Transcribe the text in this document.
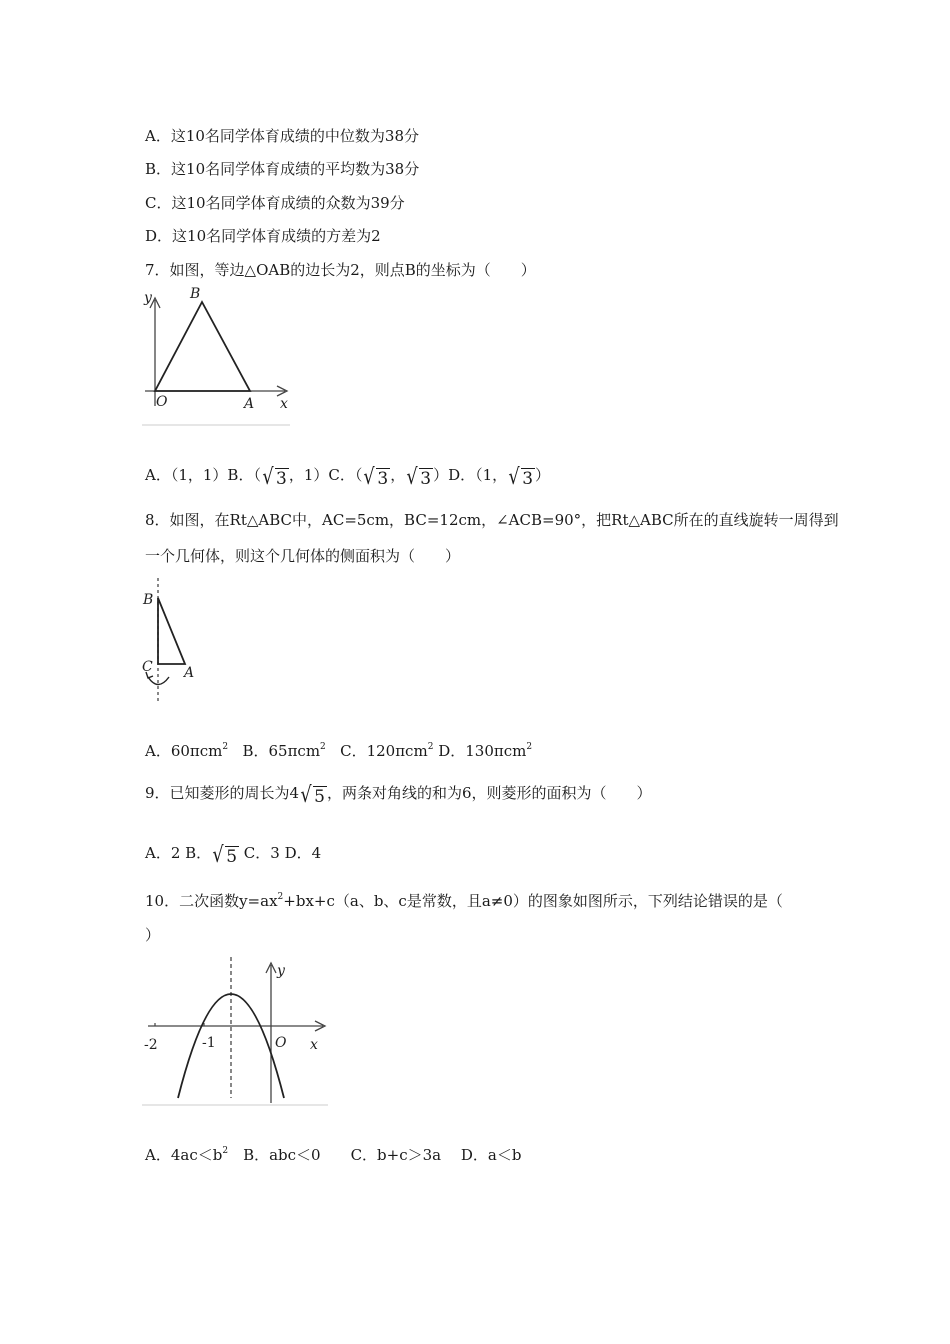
A．这10名同学体育成绩的中位数为38分
B．这10名同学体育成绩的平均数为38分
C．这10名同学体育成绩的众数为39分
D．这10名同学体育成绩的方差为2
7．如图，等边△OAB的边长为2，则点B的坐标为（　　）
y	B
O	A x
A．（1，1）B．（ √ 3 ，1）C．（ √ 3 ， √ 3 ）D．（1， √ 3 ）
8．如图，在Rt△ABC中，AC=5cm，BC=12cm，∠ACB=90°，把Rt△ABC所在的直线旋转一周得到
一个几何体，则这个几何体的侧面积为（　　）
B
C A
A．60πcm$^2$ B．65πcm$^2$ C．120πcm$^2$ D．130πcm$^2$
9．已知菱形的周长为4 √ 5 ，两条对角线的和为6，则菱形的面积为（　　）
A．2 B． √ 5 C．3 D．4
10．二次函数$y=ax^2+bx+c(a$、b、c是常数，且a≠0）的图象如图所示，下列结论错误的是（
）
y
-2	-1	O x
A．$4ac<b^2$　B．abc＜0　　C．b+c＞3a　 D．a＜b
